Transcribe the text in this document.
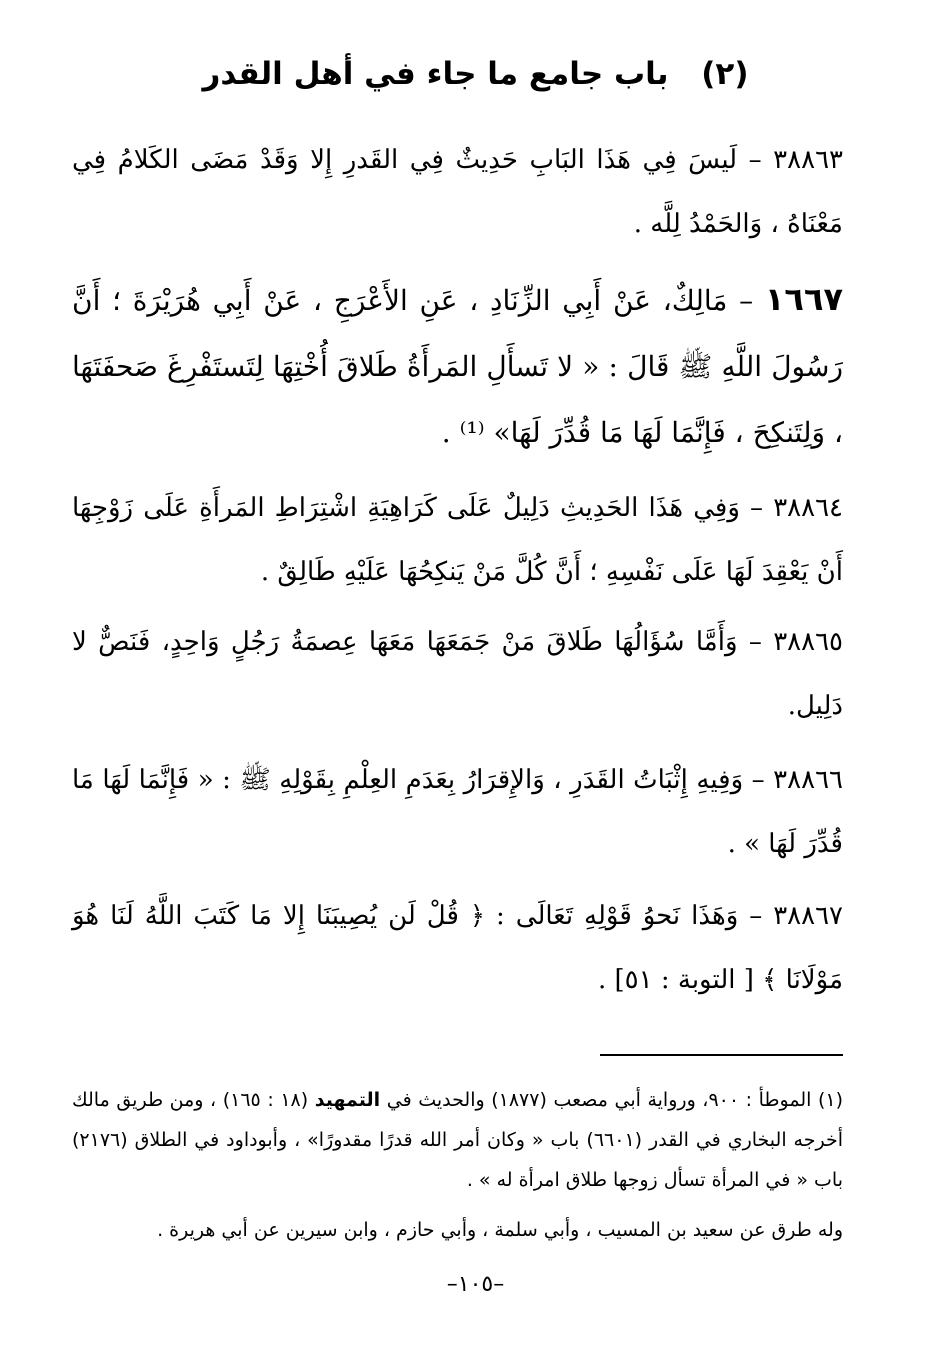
(٢) باب جامع ما جاء في أهل القدر
٣٨٨٦٣ – لَيسَ فِي هَذَا البَابِ حَدِيثٌ فِي القَدرِ إِلا وَقَدْ مَضَى الكَلامُ فِي مَعْنَاهُ ، وَالحَمْدُ لِلَّه .
١٦٦٧ – مَالِكٌ، عَنْ أَبِي الزِّنَادِ ، عَنِ الأَعْرَجِ ، عَنْ أَبِي هُرَيْرَةَ ؛ أَنَّ رَسُولَ اللَّهِ ﷺ قَالَ : « لا تَسأَلِ المَرأَةُ طَلاقَ أُخْتِهَا لِتَستَفْرِغَ صَحفَتَهَا ، وَلِتَنكِحَ ، فَإِنَّمَا لَهَا مَا قُدِّرَ لَهَا» ⁽¹⁾ .
٣٨٨٦٤ – وَفِي هَذَا الحَدِيثِ دَلِيلٌ عَلَى كَرَاهِيَةِ اشْتِرَاطِ المَرأَةِ عَلَى زَوْجِهَا أَنْ يَعْقِدَ لَهَا عَلَى نَفْسِهِ ؛ أَنَّ كُلَّ مَنْ يَنكِحُهَا عَلَيْهِ طَالِقٌ .
٣٨٨٦٥ – وَأَمَّا سُؤَالُهَا طَلاقَ مَنْ جَمَعَهَا مَعَهَا عِصمَةُ رَجُلٍ وَاحِدٍ، فَنَصٌّ لا دَلِيل.
٣٨٨٦٦ – وَفِيهِ إِثْبَاتُ القَدَرِ ، وَالإِقرَارُ بِعَدَمِ العِلْمِ بِقَوْلِهِ ﷺ : « فَإِنَّمَا لَهَا مَا قُدِّرَ لَهَا » .
٣٨٨٦٧ – وَهَذَا نَحوُ قَوْلِهِ تَعَالَى : ﴿ قُلْ لَن يُصِيبَنَا إِلا مَا كَتَبَ اللَّهُ لَنَا هُوَ مَوْلَانَا ﴾ [ التوبة : ٥١] .
(١) الموطأ : ٩٠٠، ورواية أبي مصعب (١٨٧٧) والحديث في التمهيد (١٨ : ١٦٥) ، ومن طريق مالك أخرجه البخاري في القدر (٦٦٠١) باب « وكان أمر الله قدرًا مقدورًا» ، وأبوداود في الطلاق (٢١٧٦) باب « في المرأة تسأل زوجها طلاق امرأة له » .
وله طرق عن سعيد بن المسيب ، وأبي سلمة ، وأبي حازم ، وابن سيرين عن أبي هريرة .
–١٠٥–
